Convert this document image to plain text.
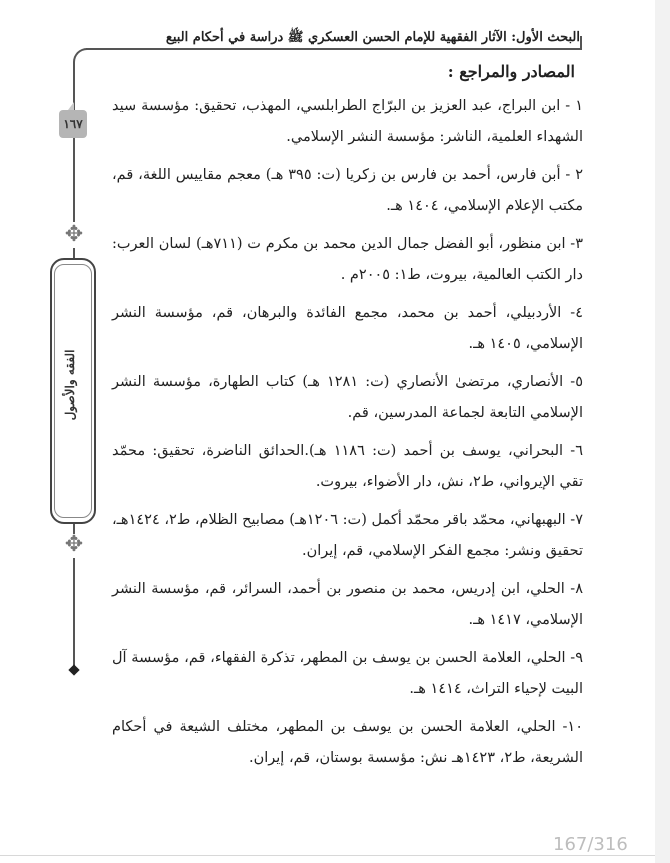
البحث الأول: الآثار الفقهية للإمام الحسن العسكري ﷺ دراسة في أحكام البيع
١٦٧
✥
الفقه والأصول
✥
المصادر والمراجع :

١ - ابن البراج، عبد العزيز بن البرّاج الطرابلسي، المهذب، تحقيق: مؤسسة سيد الشهداء العلمية، الناشر: مؤسسة النشر الإسلامي.

٢ - أبن فارس، أحمد بن فارس بن زكريا (ت: ٣٩٥ هـ) معجم مقاييس اللغة، قم، مكتب الإعلام الإسلامي، ١٤٠٤ هـ.

٣- ابن منظور، أبو الفضل جمال الدين محمد بن مكرم ت (٧١١هـ) لسان العرب: دار الكتب العالمية، بيروت، ط١: ٢٠٠٥م .

٤- الأردبيلي، أحمد بن محمد، مجمع الفائدة والبرهان، قم، مؤسسة النشر الإسلامي، ١٤٠٥ هـ.

٥- الأنصاري، مرتضىٰ الأنصاري (ت: ١٢٨١ هـ) كتاب الطهارة، مؤسسة النشر الإسلامي التابعة لجماعة المدرسين، قم.

٦- البحراني، يوسف بن أحمد (ت: ١١٨٦ هـ).الحدائق الناضرة، تحقيق: محمّد تقي الإيرواني، ط٢، نش، دار الأضواء، بيروت.

٧- البهبهاني، محمّد باقر محمّد أكمل (ت: ١٢٠٦هـ) مصابيح الظلام، ط٢، ١٤٢٤هـ، تحقيق ونشر: مجمع الفكر الإسلامي، قم، إيران.

٨- الحلي، ابن إدريس، محمد بن منصور بن أحمد، السرائر، قم، مؤسسة النشر الإسلامي، ١٤١٧ هـ.

٩- الحلي، العلامة الحسن بن يوسف بن المطهر، تذكرة الفقهاء، قم، مؤسسة آل البيت لإحياء التراث، ١٤١٤ هـ.

١٠- الحلي، العلامة الحسن بن يوسف بن المطهر، مختلف الشيعة في أحكام الشريعة، ط٢، ١٤٢٣هـ نش: مؤسسة بوستان، قم، إيران.

167/316
